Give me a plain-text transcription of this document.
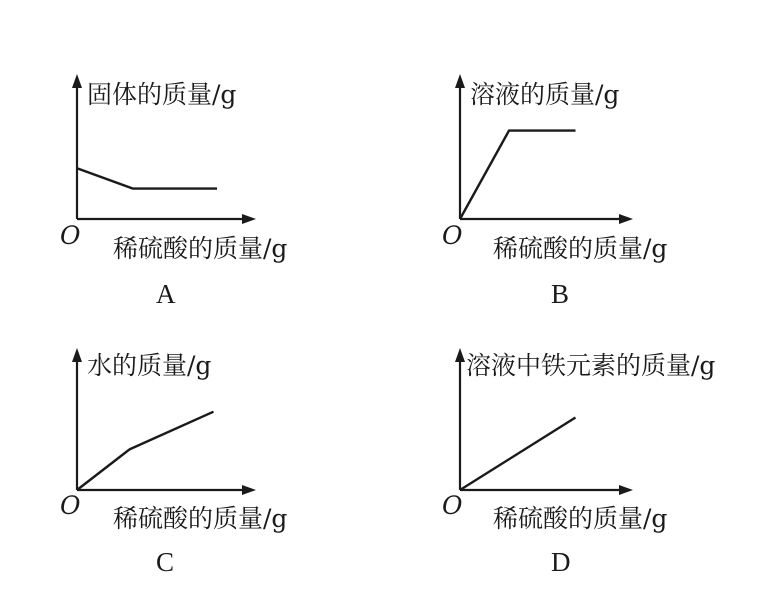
固体的质量/g
稀硫酸的质量/g
O
A
溶液的质量/g
稀硫酸的质量/g
O
B
水的质量/g
稀硫酸的质量/g
O
C
溶液中铁元素的质量/g
稀硫酸的质量/g
O
D
